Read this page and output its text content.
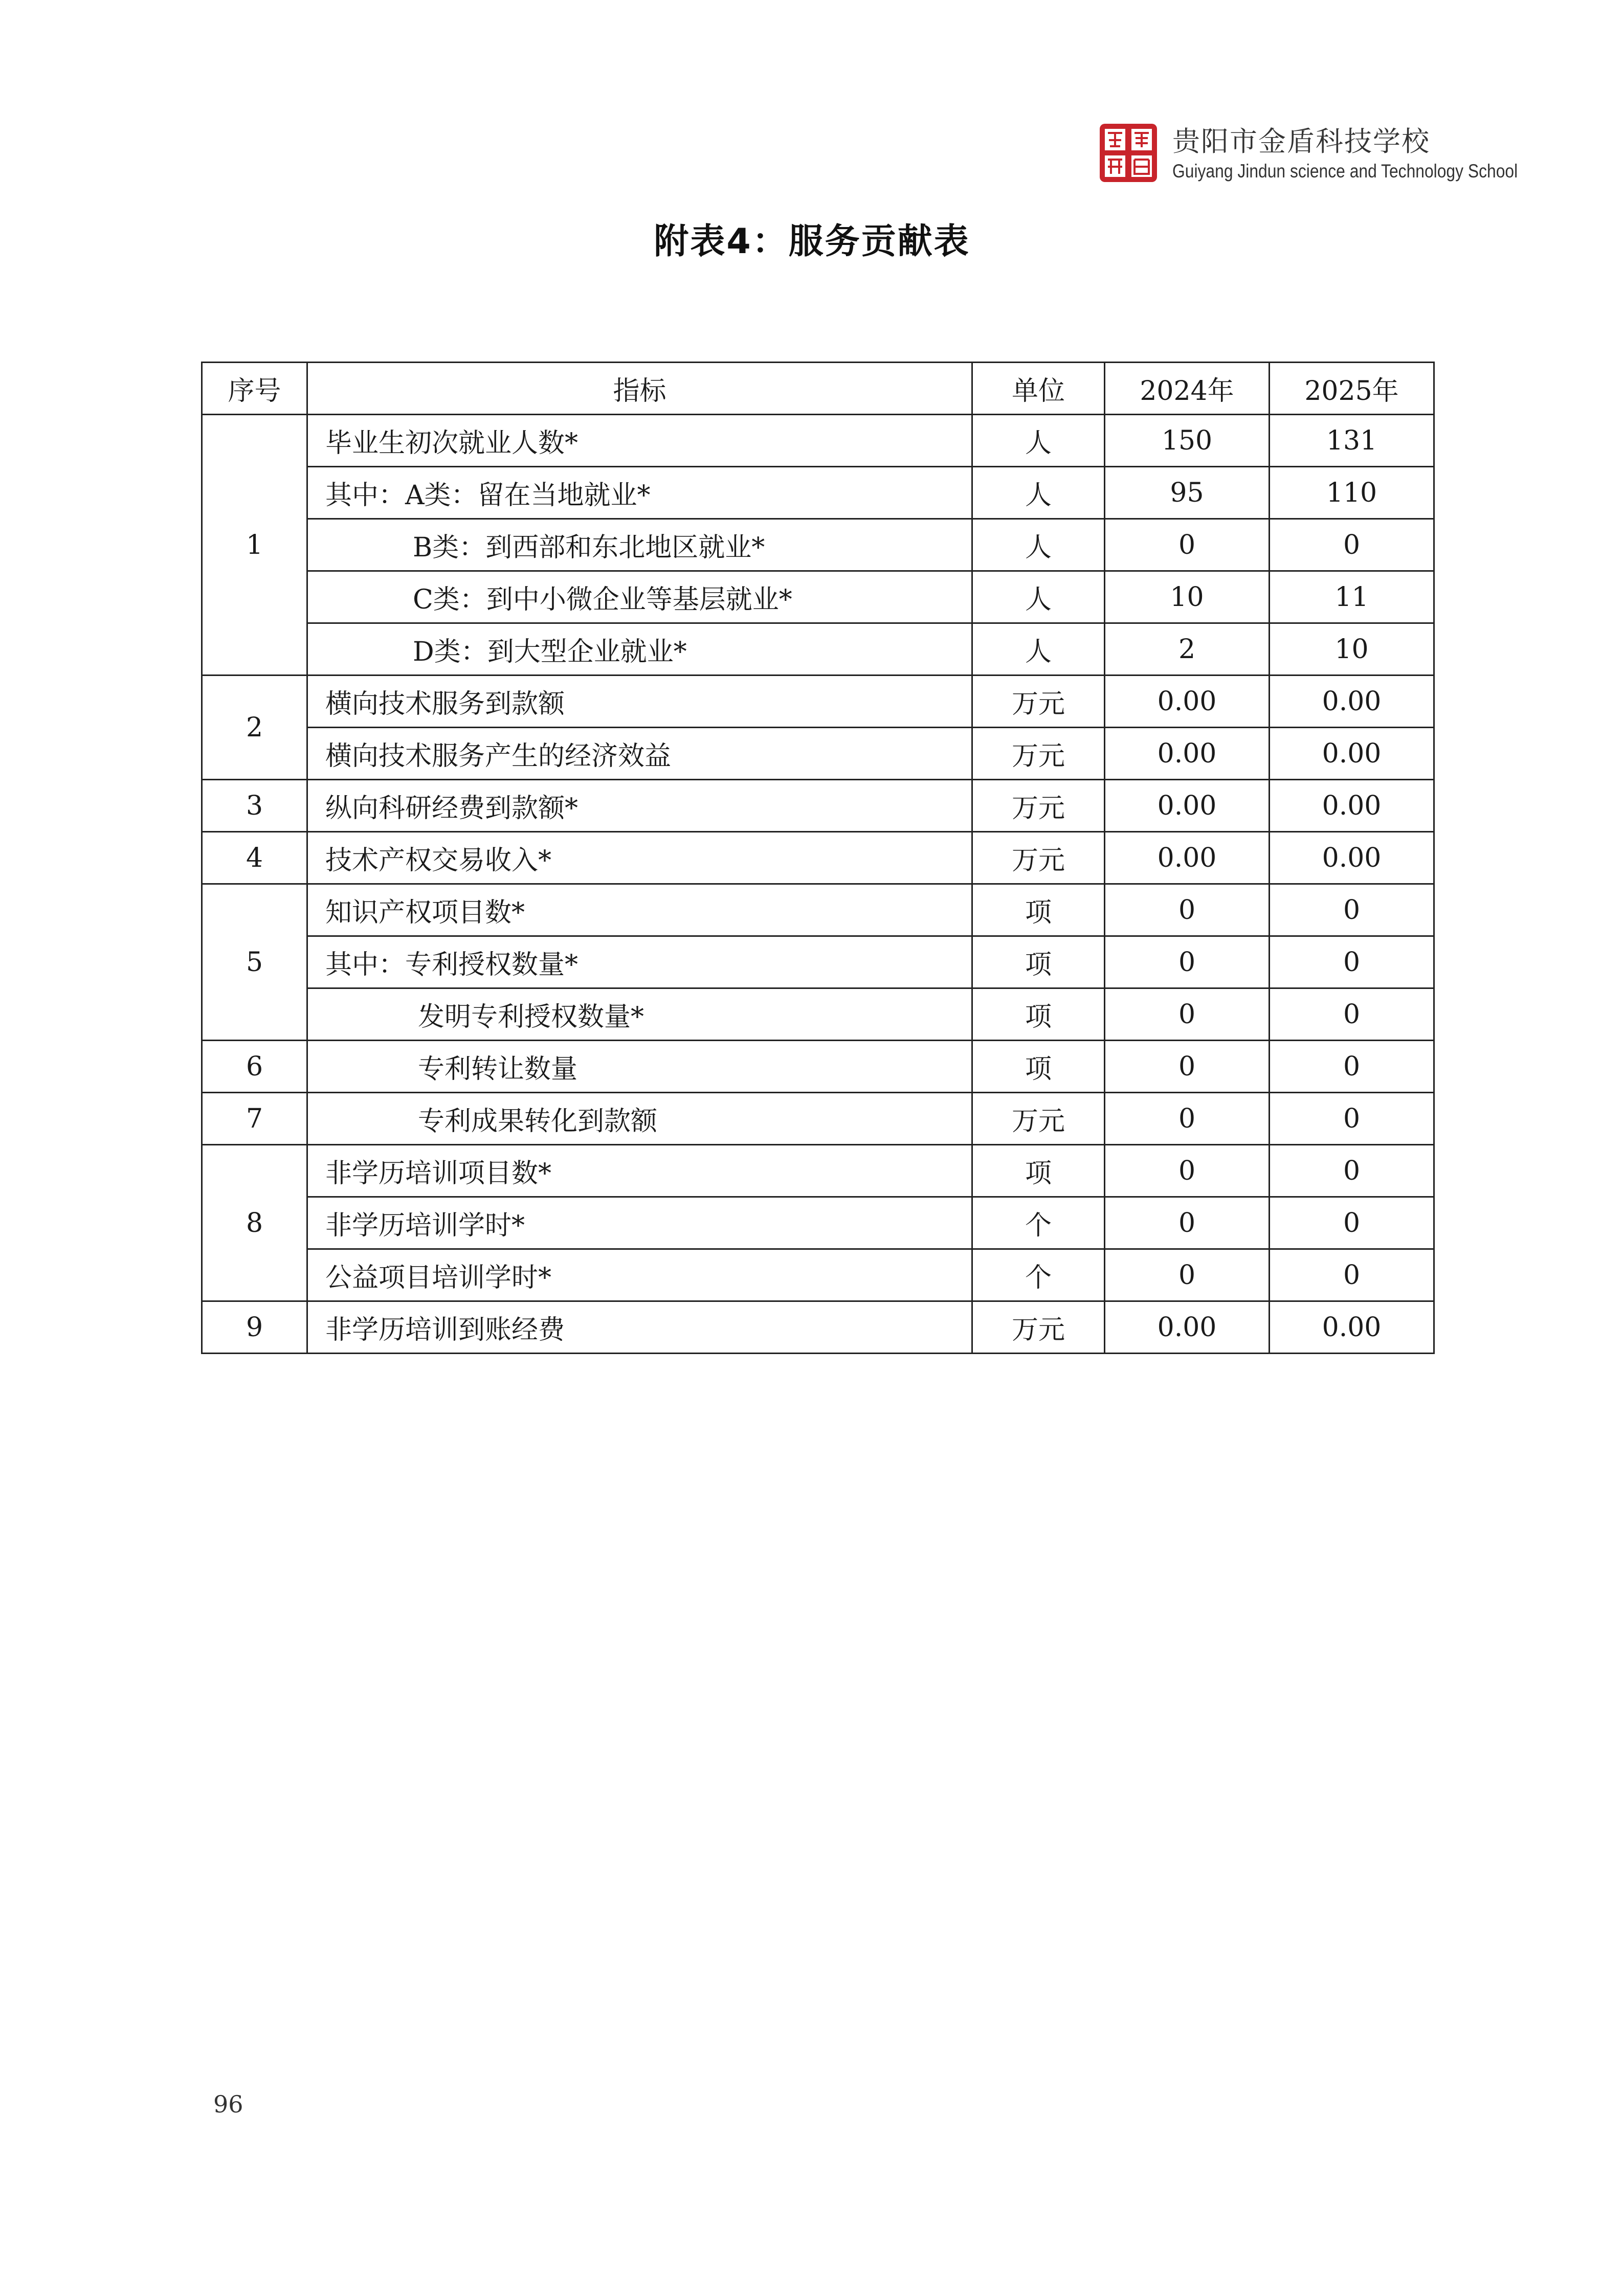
贵阳市金盾科技学校
Guiyang Jindun science and Technology School
附表4：服务贡献表
序号	指标	单位	2024年	2025年
1	毕业生初次就业人数*	人	150	131
	其中：A类：留在当地就业*	人	95	110
	B类：到西部和东北地区就业*	人	0	0
	C类：到中小微企业等基层就业*	人	10	11
	D类：到大型企业就业*	人	2	10
2	横向技术服务到款额	万元	0.00	0.00
	横向技术服务产生的经济效益	万元	0.00	0.00
3	纵向科研经费到款额*	万元	0.00	0.00
4	技术产权交易收入*	万元	0.00	0.00
5	知识产权项目数*	项	0	0
	其中：专利授权数量*	项	0	0
	发明专利授权数量*	项	0	0
6	专利转让数量	项	0	0
7	专利成果转化到款额	万元	0	0
8	非学历培训项目数*	项	0	0
	非学历培训学时*	个	0	0
	公益项目培训学时*	个	0	0
9	非学历培训到账经费	万元	0.00	0.00
96
